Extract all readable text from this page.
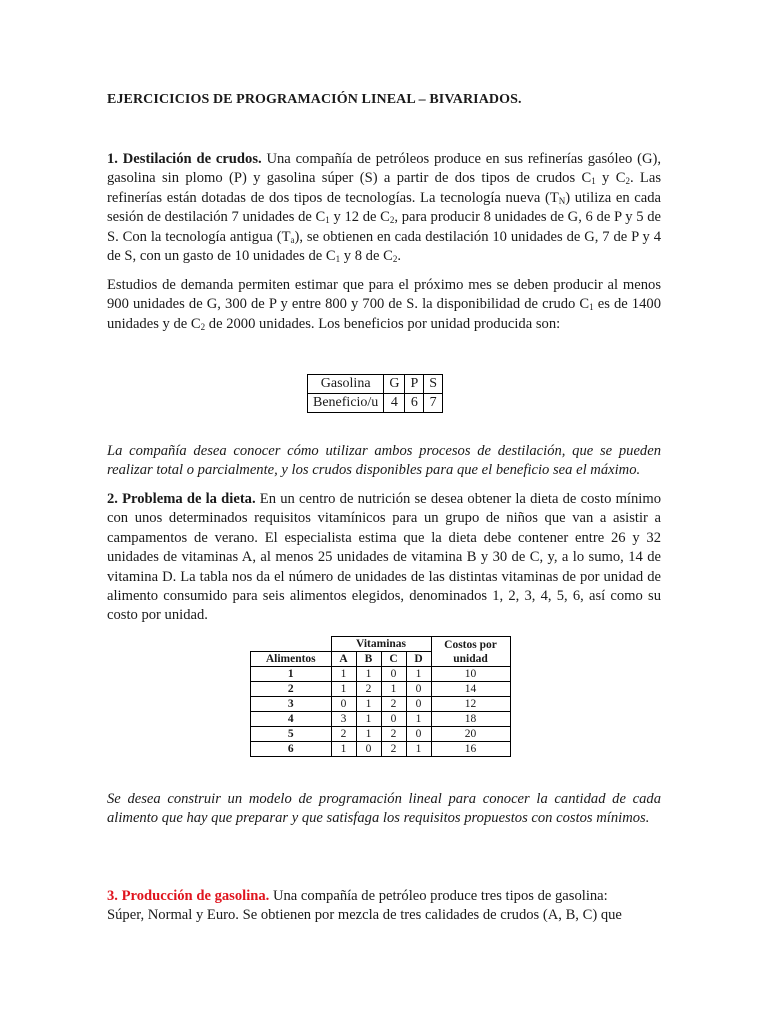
EJERCICICIOS DE PROGRAMACIÓN LINEAL – BIVARIADOS.

1. Destilación de crudos. Una compañía de petróleos produce en sus refinerías gasóleo (G), gasolina sin plomo (P) y gasolina súper (S) a partir de dos tipos de crudos $C_1$ y $C_2$. Las refinerías están dotadas de dos tipos de tecnologías. La tecnología nueva $(T_N)$ utiliza en cada sesión de destilación 7 unidades de $C_1$ y 12 de $C_2$, para producir 8 unidades de G, 6 de P y 5 de S. Con la tecnología antigua $(T_a)$, se obtienen en cada destilación 10 unidades de G, 7 de P y 4 de S, con un gasto de 10 unidades de $C_1$ y 8 de $C_2$.

Estudios de demanda permiten estimar que para el próximo mes se deben producir al menos 900 unidades de G, 300 de P y entre 800 y 700 de S. la disponibilidad de crudo $C_1$ es de 1400 unidades y de $C_2$ de 2000 unidades. Los beneficios por unidad producida son:

Gasolina	G	P	S
Beneficio/u	4	6	7

La compañía desea conocer cómo utilizar ambos procesos de destilación, que se pueden realizar total o parcialmente, y los crudos disponibles para que el beneficio sea el máximo.

2. Problema de la dieta. En un centro de nutrición se desea obtener la dieta de costo mínimo con unos determinados requisitos vitamínicos para un grupo de niños que van a asistir a campamentos de verano. El especialista estima que la dieta debe contener entre 26 y 32 unidades de vitaminas A, al menos 25 unidades de vitamina B y 30 de C, y, a lo sumo, 14 de vitamina D. La tabla nos da el número de unidades de las distintas vitaminas de por unidad de alimento consumido para seis alimentos elegidos, denominados 1, 2, 3, 4, 5, 6, así como su costo por unidad.

	Vitaminas				Costos por unidad
Alimentos	A	B	C	D	
1	1	1	0	1	10
2	1	2	1	0	14
3	0	1	2	0	12
4	3	1	0	1	18
5	2	1	2	0	20
6	1	0	2	1	16

Se desea construir un modelo de programación lineal para conocer la cantidad de cada alimento que hay que preparar y que satisfaga los requisitos propuestos con costos mínimos.

3. Producción de gasolina. Una compañía de petróleo produce tres tipos de gasolina:
Súper, Normal y Euro. Se obtienen por mezcla de tres calidades de crudos (A, B, C) que
